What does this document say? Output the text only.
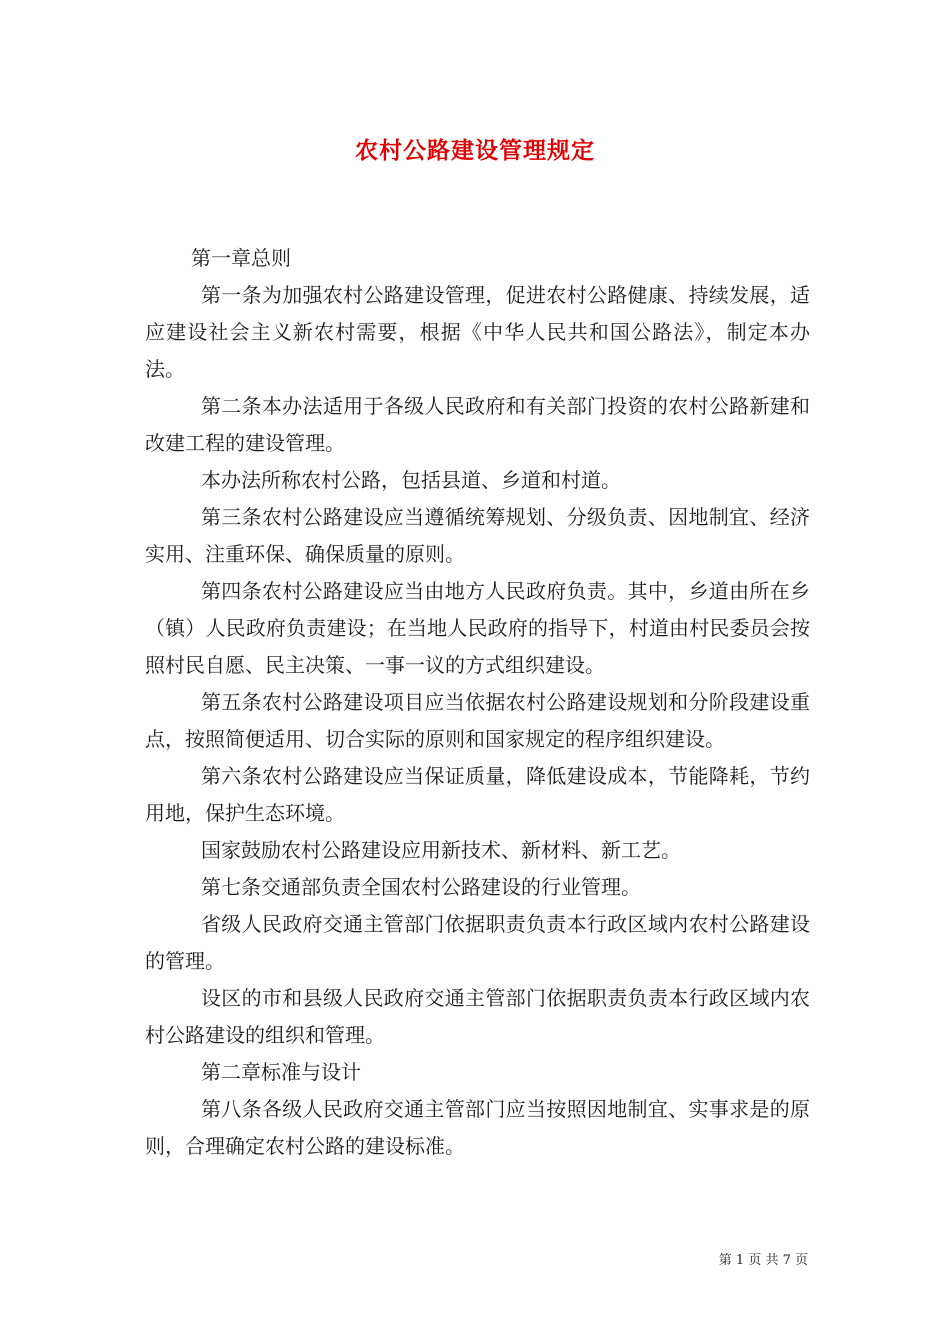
农村公路建设管理规定

第一章总则

第一条为加强农村公路建设管理，促进农村公路健康、持续发展，适应建设社会主义新农村需要，根据《中华人民共和国公路法》，制定本办法。

第二条本办法适用于各级人民政府和有关部门投资的农村公路新建和改建工程的建设管理。

本办法所称农村公路，包括县道、乡道和村道。

第三条农村公路建设应当遵循统筹规划、分级负责、因地制宜、经济实用、注重环保、确保质量的原则。

第四条农村公路建设应当由地方人民政府负责。其中，乡道由所在乡（镇）人民政府负责建设；在当地人民政府的指导下，村道由村民委员会按照村民自愿、民主决策、一事一议的方式组织建设。

第五条农村公路建设项目应当依据农村公路建设规划和分阶段建设重点，按照简便适用、切合实际的原则和国家规定的程序组织建设。

第六条农村公路建设应当保证质量，降低建设成本，节能降耗，节约用地，保护生态环境。

国家鼓励农村公路建设应用新技术、新材料、新工艺。

第七条交通部负责全国农村公路建设的行业管理。

省级人民政府交通主管部门依据职责负责本行政区域内农村公路建设的管理。

设区的市和县级人民政府交通主管部门依据职责负责本行政区域内农村公路建设的组织和管理。

第二章标准与设计

第八条各级人民政府交通主管部门应当按照因地制宜、实事求是的原则，合理确定农村公路的建设标准。

第 1 页 共 7 页
